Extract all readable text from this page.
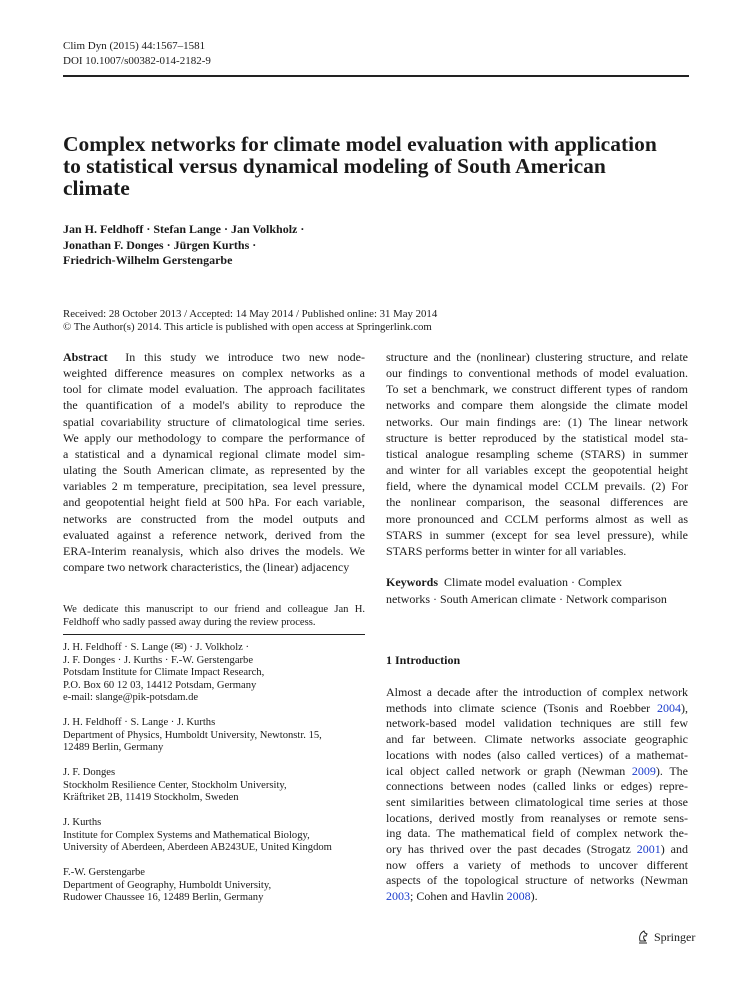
Clim Dyn (2015) 44:1567–1581
DOI 10.1007/s00382-014-2182-9
Complex networks for climate model evaluation with application
to statistical versus dynamical modeling of South American
climate
Jan H. Feldhoff · Stefan Lange · Jan Volkholz ·
Jonathan F. Donges · Jürgen Kurths ·
Friedrich-Wilhelm Gerstengarbe
Received: 28 October 2013 / Accepted: 14 May 2014 / Published online: 31 May 2014
© The Author(s) 2014. This article is published with open access at Springerlink.com
Abstract  In this study we introduce two new node-
weighted difference measures on complex networks as a
tool for climate model evaluation. The approach facilitates
the quantification of a model's ability to reproduce the
spatial covariability structure of climatological time series.
We apply our methodology to compare the performance of
a statistical and a dynamical regional climate model sim-
ulating the South American climate, as represented by the
variables 2 m temperature, precipitation, sea level pressure,
and geopotential height field at 500 hPa. For each variable,
networks are constructed from the model outputs and
evaluated against a reference network, derived from the
ERA-Interim reanalysis, which also drives the models. We
compare two network characteristics, the (linear) adjacency
structure and the (nonlinear) clustering structure, and relate
our findings to conventional methods of model evaluation.
To set a benchmark, we construct different types of random
networks and compare them alongside the climate model
networks. Our main findings are: (1) The linear network
structure is better reproduced by the statistical model sta-
tistical analogue resampling scheme (STARS) in summer
and winter for all variables except the geopotential height
field, where the dynamical model CCLM prevails. (2) For
the nonlinear comparison, the seasonal differences are
more pronounced and CCLM performs almost as well as
STARS in summer (except for sea level pressure), while
STARS performs better in winter for all variables.
Keywords Climate model evaluation · Complex
networks · South American climate · Network comparison
We dedicate this manuscript to our friend and colleague Jan H.
Feldhoff who sadly passed away during the review process.
J. H. Feldhoff · S. Lange (✉) · J. Volkholz ·
J. F. Donges · J. Kurths · F.-W. Gerstengarbe
Potsdam Institute for Climate Impact Research,
P.O. Box 60 12 03, 14412 Potsdam, Germany
e-mail: slange@pik-potsdam.de
J. H. Feldhoff · S. Lange · J. Kurths
Department of Physics, Humboldt University, Newtonstr. 15,
12489 Berlin, Germany
J. F. Donges
Stockholm Resilience Center, Stockholm University,
Kräftriket 2B, 11419 Stockholm, Sweden
J. Kurths
Institute for Complex Systems and Mathematical Biology,
University of Aberdeen, Aberdeen AB243UE, United Kingdom
F.-W. Gerstengarbe
Department of Geography, Humboldt University,
Rudower Chaussee 16, 12489 Berlin, Germany
1 Introduction
Almost a decade after the introduction of complex network
methods into climate science (Tsonis and Roebber 2004),
network-based model validation techniques are still few
and far between. Climate networks associate geographic
locations with nodes (also called vertices) of a mathemat-
ical object called network or graph (Newman 2009). The
connections between nodes (called links or edges) repre-
sent similarities between climatological time series at those
locations, derived mostly from reanalyses or remote sens-
ing data. The mathematical field of complex network the-
ory has thrived over the past decades (Strogatz 2001) and
now offers a variety of methods to uncover different
aspects of the topological structure of networks (Newman
2003; Cohen and Havlin 2008).
Springer
